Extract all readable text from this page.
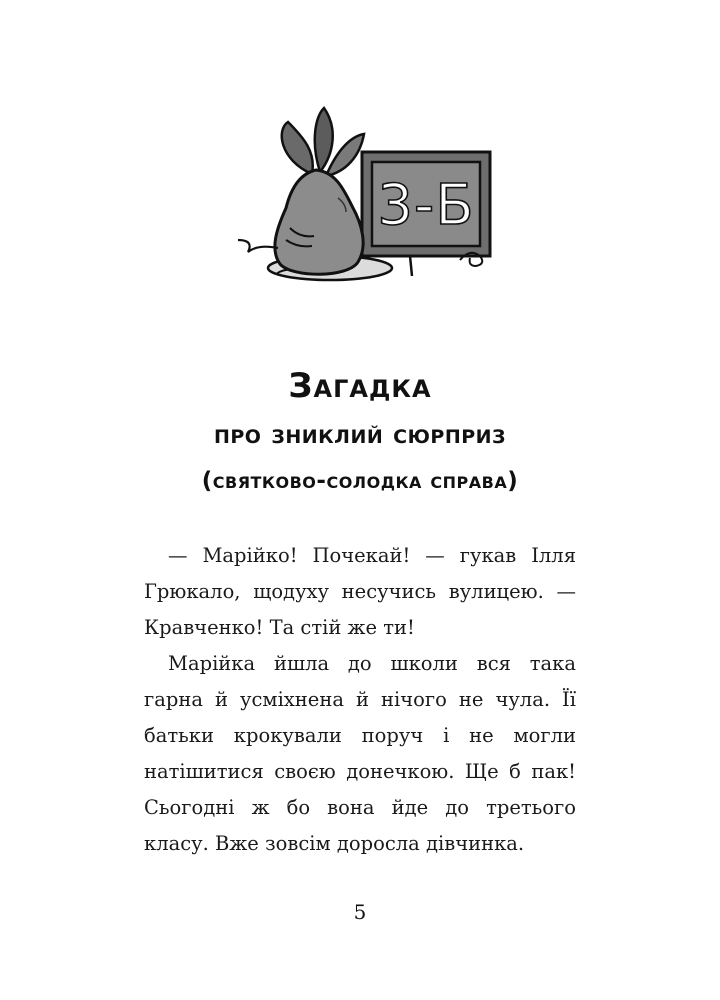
3-Б
Загадка
про зниклий сюрприз
(святково-солодка справа)

— Марійко! Почекай! — гукав Ілля Грюкало, щодуху несучись вулицею. — Кравченко! Та стій же ти!

Марійка йшла до школи вся така гарна й усміхнена й нічого не чула. Її батьки крокували поруч і не могли натішитися своєю донечкою. Ще б пак! Сьогодні ж бо вона йде до третього класу. Вже зовсім доросла дівчинка.

5
